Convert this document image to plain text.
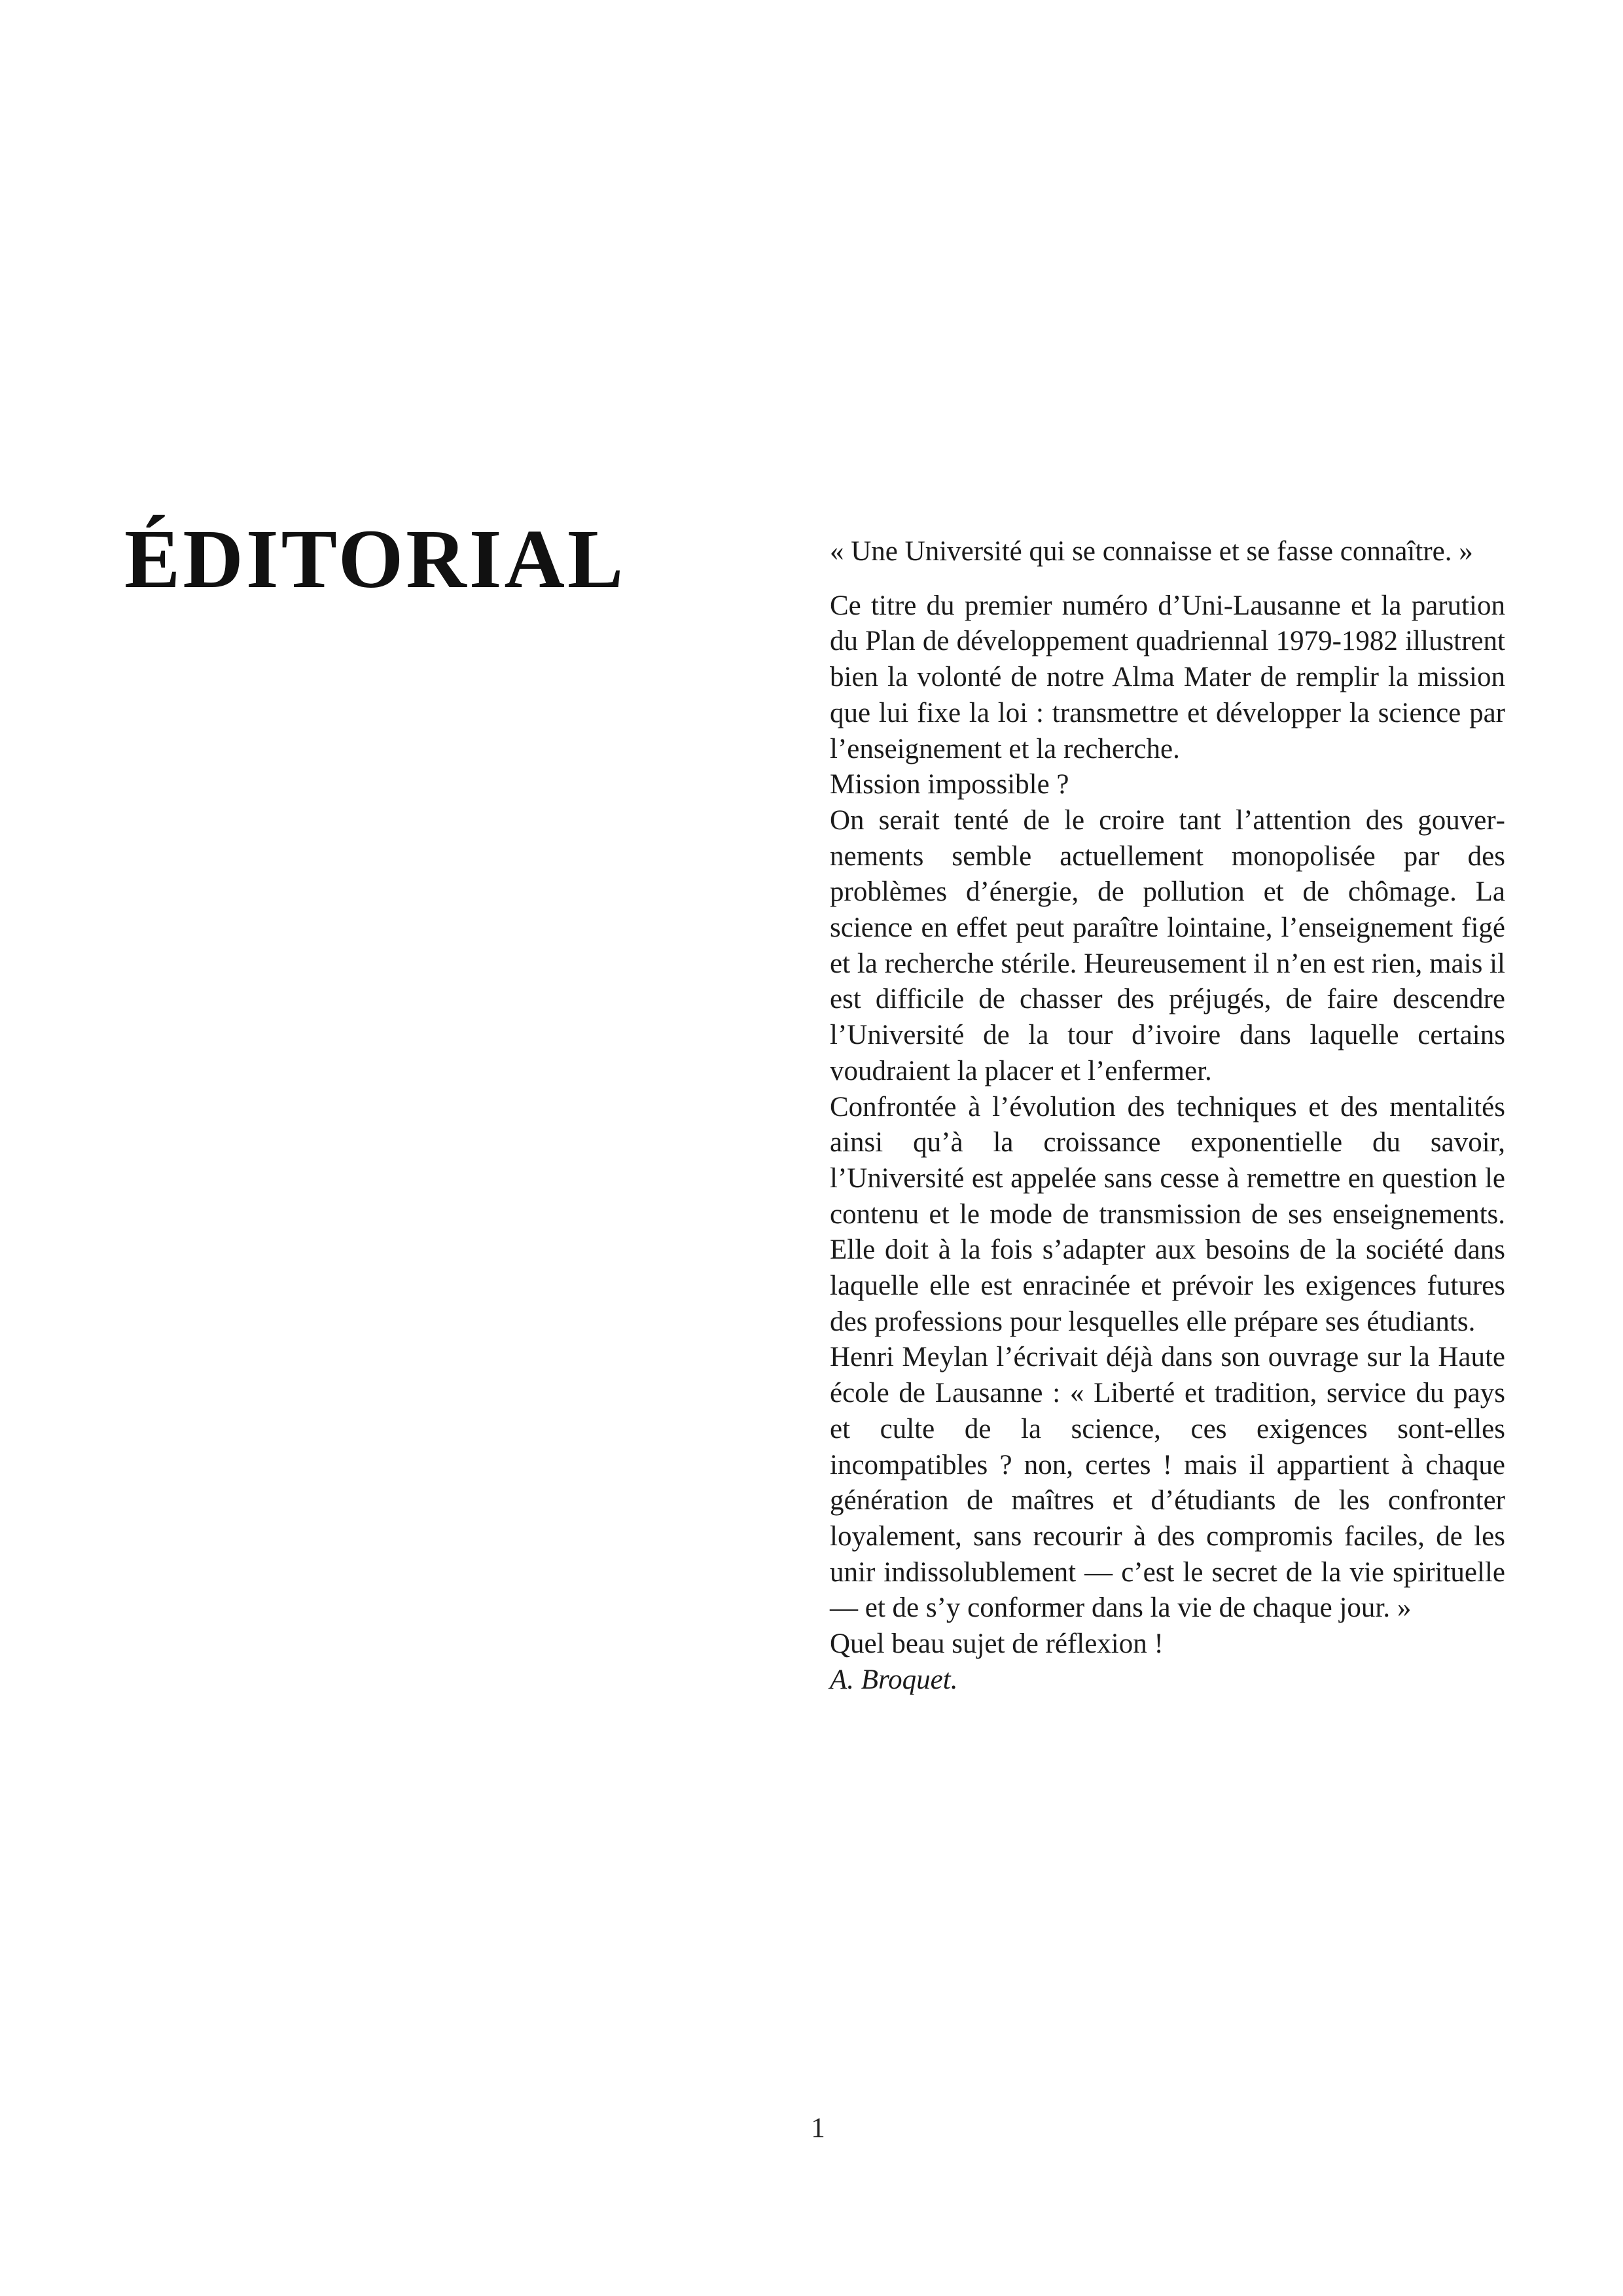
ÉDITORIAL	« Une Université qui se connaisse et se fasse connaître. »

Ce titre du premier numéro d’Uni-Lausanne et la parution du Plan de développement quadriennal 1979-1982 illustrent bien la volonté de notre Alma Mater de remplir la mission que lui fixe la loi : transmettre et développer la science par l’enseignement et la recherche.

Mission impossible ?

On serait tenté de le croire tant l’attention des gouvernements semble actuellement monopolisée par des problèmes d’énergie, de pollution et de chômage. La science en effet peut paraître lointaine, l’enseignement figé et la recherche stérile. Heureusement il n’en est rien, mais il est difficile de chasser des préjugés, de faire descendre l’Université de la tour d’ivoire dans laquelle certains voudraient la placer et l’enfermer.

Confrontée à l’évolution des techniques et des mentalités ainsi qu’à la croissance exponentielle du savoir, l’Université est appelée sans cesse à remettre en question le contenu et le mode de transmission de ses enseignements. Elle doit à la fois s’adapter aux besoins de la société dans laquelle elle est enracinée et prévoir les exigences futures des professions pour lesquelles elle prépare ses étudiants.

Henri Meylan l’écrivait déjà dans son ouvrage sur la Haute école de Lausanne : « Liberté et tradition, service du pays et culte de la science, ces exigences sont-elles incompatibles ? non, certes ! mais il appartient à chaque génération de maîtres et d’étudiants de les confronter loyalement, sans recourir à des compromis faciles, de les unir indissolublement — c’est le secret de la vie spirituelle — et de s’y conformer dans la vie de chaque jour. »

Quel beau sujet de réflexion !

A. Broquet.

1
